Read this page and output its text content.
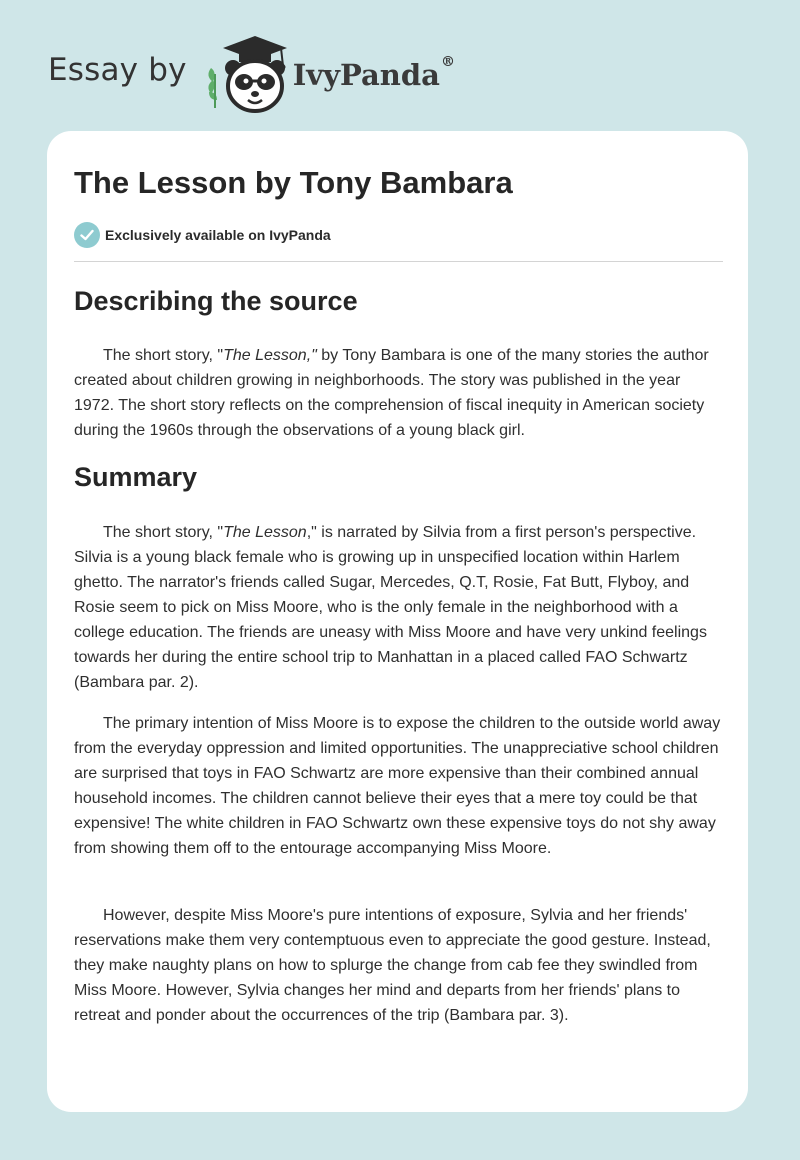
Essay by	IvyPanda®
The Lesson by Tony Bambara
Exclusively available on IvyPanda
Describing the source

The short story, "The Lesson," by Tony Bambara is one of the many stories the author created about children growing in neighborhoods. The story was published in the year 1972. The short story reflects on the comprehension of fiscal inequity in American society during the 1960s through the observations of a young black girl.

Summary

The short story, "The Lesson," is narrated by Silvia from a first person's perspective. Silvia is a young black female who is growing up in unspecified location within Harlem ghetto. The narrator's friends called Sugar, Mercedes, Q.T, Rosie, Fat Butt, Flyboy, and Rosie seem to pick on Miss Moore, who is the only female in the neighborhood with a college education. The friends are uneasy with Miss Moore and have very unkind feelings towards her during the entire school trip to Manhattan in a placed called FAO Schwartz (Bambara par. 2).

The primary intention of Miss Moore is to expose the children to the outside world away from the everyday oppression and limited opportunities. The unappreciative school children are surprised that toys in FAO Schwartz are more expensive than their combined annual household incomes. The children cannot believe their eyes that a mere toy could be that expensive! The white children in FAO Schwartz own these expensive toys do not shy away from showing them off to the entourage accompanying Miss Moore.

However, despite Miss Moore's pure intentions of exposure, Sylvia and her friends' reservations make them very contemptuous even to appreciate the good gesture. Instead, they make naughty plans on how to splurge the change from cab fee they swindled from Miss Moore. However, Sylvia changes her mind and departs from her friends' plans to retreat and ponder about the occurrences of the trip (Bambara par. 3).
